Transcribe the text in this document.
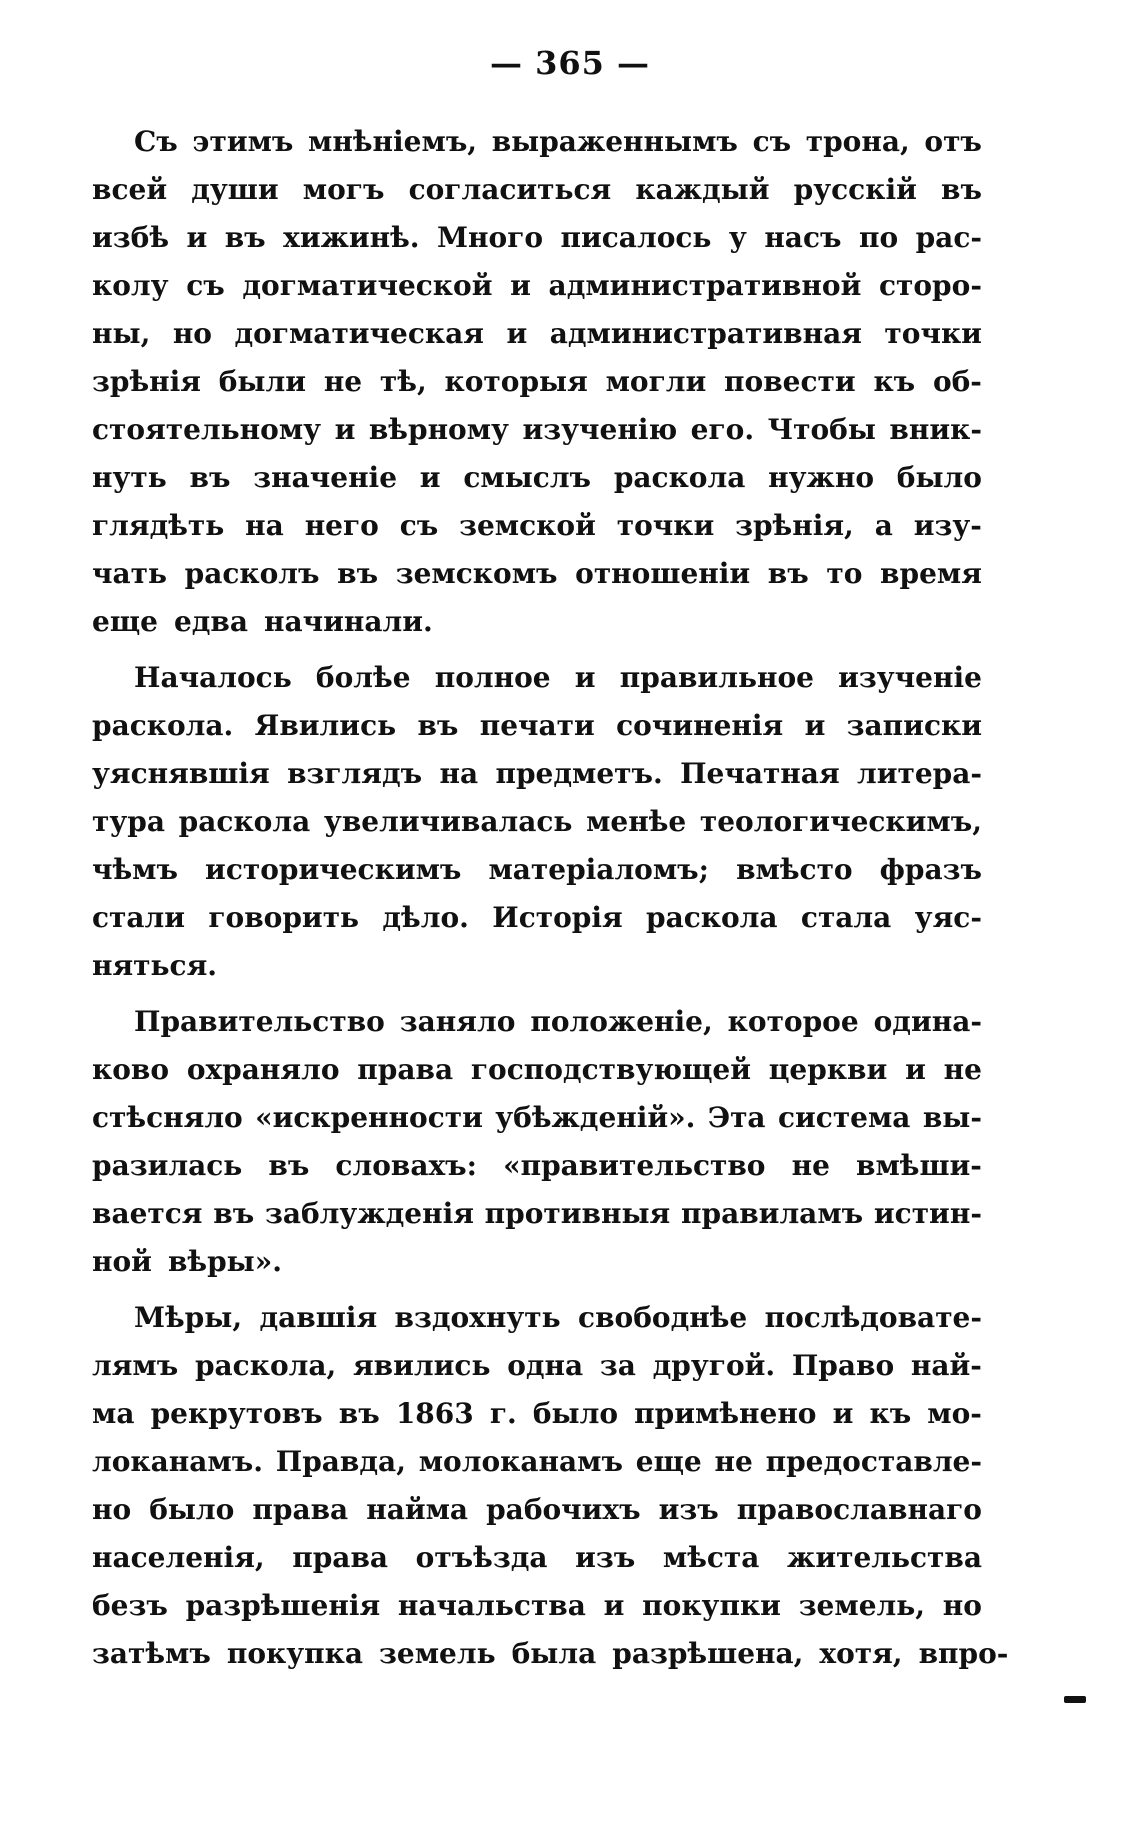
— 365 —
Съ этимъ мнѣніемъ, выраженнымъ съ трона, отъ
всей души могъ согласиться каждый русскій въ
избѣ и въ хижинѣ. Много писалось у насъ по рас-
колу съ догматической и административной сторо-
ны, но догматическая и административная точки
зрѣнія были не тѣ, которыя могли повести къ об-
стоятельному и вѣрному изученію его. Чтобы вник-
нуть въ значеніе и смыслъ раскола нужно было
глядѣть на него съ земской точки зрѣнія, а изу-
чать расколъ въ земскомъ отношеніи въ то время
еще едва начинали.
Началось болѣе полное и правильное изученіе
раскола. Явились въ печати сочиненія и записки
уяснявшія взглядъ на предметъ. Печатная литера-
тура раскола увеличивалась менѣе теологическимъ,
чѣмъ историческимъ матеріаломъ; вмѣсто фразъ
стали говорить дѣло. Исторія раскола стала уяс-
няться.
Правительство заняло положеніе, которое одина-
ково охраняло права господствующей церкви и не
стѣсняло «искренности убѣжденій». Эта система вы-
разилась въ словахъ: «правительство не вмѣши-
вается въ заблужденія противныя правиламъ истин-
ной вѣры».
Мѣры, давшія вздохнуть свободнѣе послѣдовате-
лямъ раскола, явились одна за другой. Право най-
ма рекрутовъ въ 1863 г. было примѣнено и къ мо-
локанамъ. Правда, молоканамъ еще не предоставле-
но было права найма рабочихъ изъ православнаго
населенія, права отъѣзда изъ мѣста жительства
безъ разрѣшенія начальства и покупки земель, но
затѣмъ покупка земель была разрѣшена, хотя, впро-
